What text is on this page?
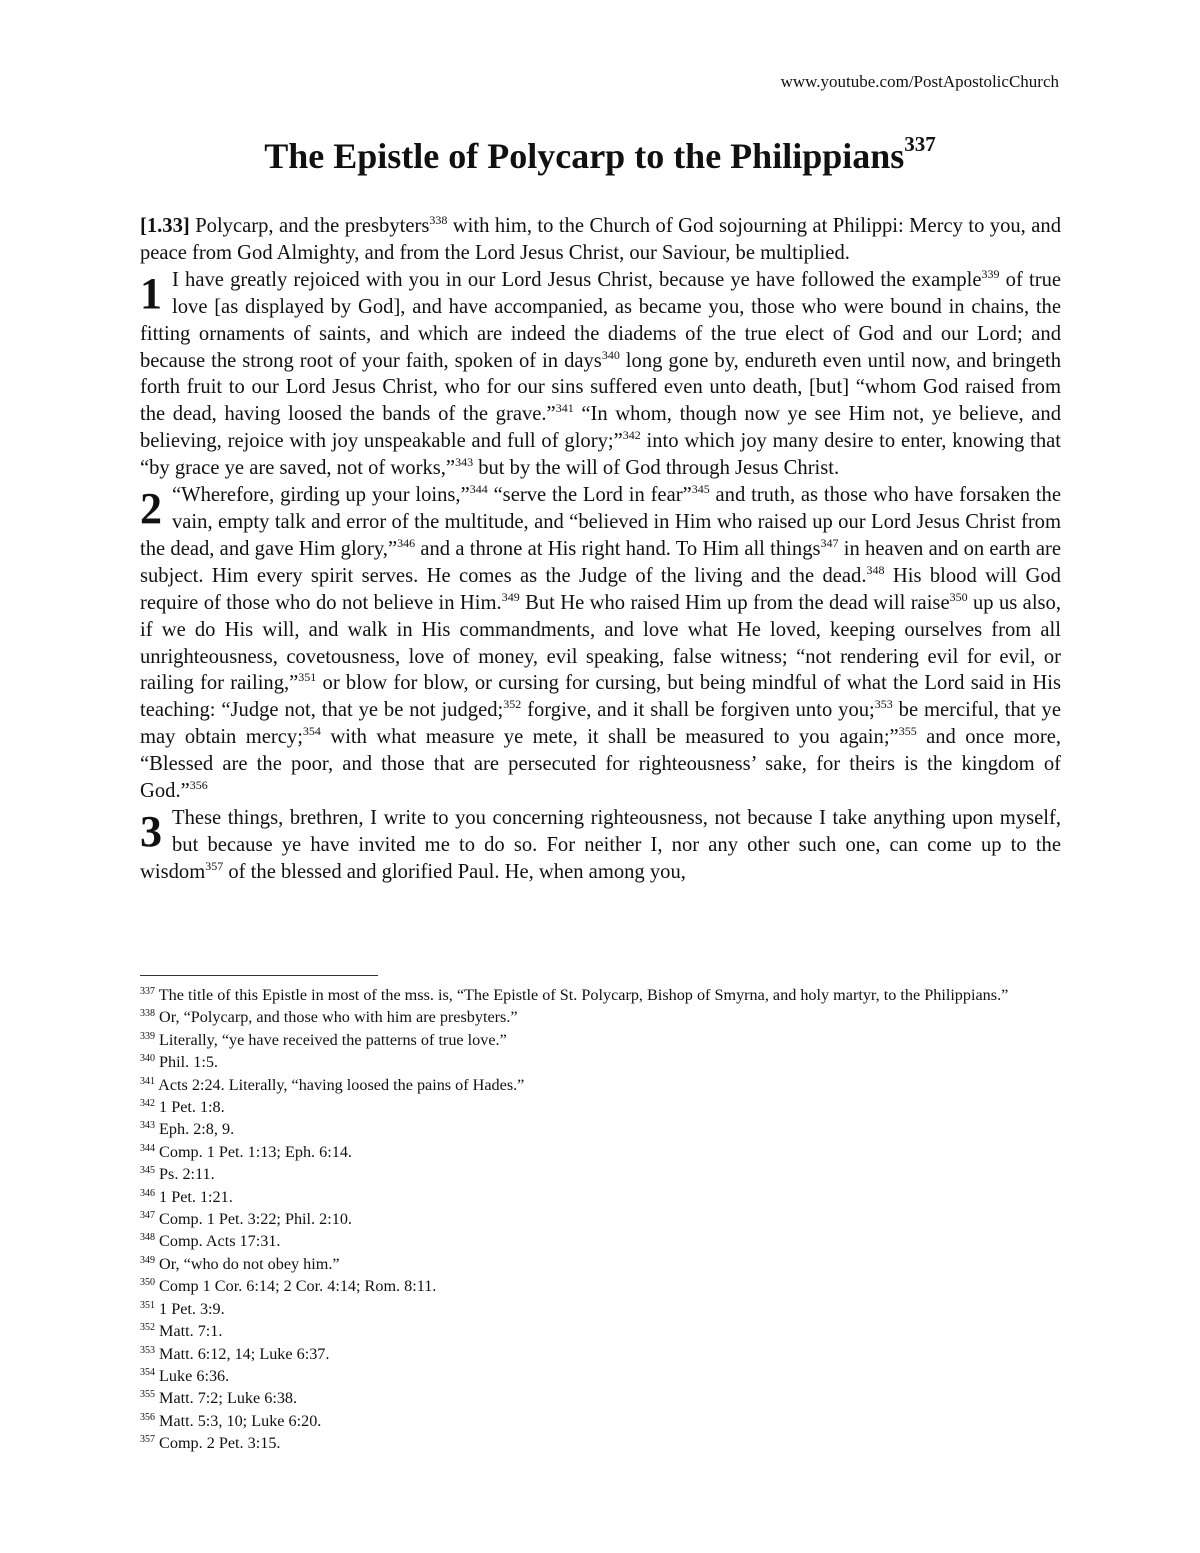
www.youtube.com/PostApostolicChurch
The Epistle of Polycarp to the Philippians$^{337}$

[1.33] Polycarp, and the presbyters$^{338}$ with him, to the Church of God sojourning at Philippi: Mercy to you, and peace from God Almighty, and from the Lord Jesus Christ, our Saviour, be multiplied.

1 I have greatly rejoiced with you in our Lord Jesus Christ, because ye have followed the example$^{339}$ of true love [as displayed by God], and have accompanied, as became you, those who were bound in chains, the fitting ornaments of saints, and which are indeed the diadems of the true elect of God and our Lord; and because the strong root of your faith, spoken of in days$^{340}$ long gone by, endureth even until now, and bringeth forth fruit to our Lord Jesus Christ, who for our sins suffered even unto death, [but] “whom God raised from the dead, having loosed the bands of the grave.”$^{341}$ “In whom, though now ye see Him not, ye believe, and believing, rejoice with joy unspeakable and full of glory;”$^{342}$ into which joy many desire to enter, knowing that “by grace ye are saved, not of works,”$^{343}$ but by the will of God through Jesus Christ.

2 “Wherefore, girding up your loins,”$^{344}$ “serve the Lord in fear”$^{345}$ and truth, as those who have forsaken the vain, empty talk and error of the multitude, and “believed in Him who raised up our Lord Jesus Christ from the dead, and gave Him glory,”$^{346}$ and a throne at His right hand. To Him all things$^{347}$ in heaven and on earth are subject. Him every spirit serves. He comes as the Judge of the living and the dead.$^{348}$ His blood will God require of those who do not believe in Him.$^{349}$ But He who raised Him up from the dead will raise$^{350}$ up us also, if we do His will, and walk in His commandments, and love what He loved, keeping ourselves from all unrighteousness, covetousness, love of money, evil speaking, false witness; “not rendering evil for evil, or railing for railing,”$^{351}$ or blow for blow, or cursing for cursing, but being mindful of what the Lord said in His teaching: “Judge not, that ye be not judged;$^{352}$ forgive, and it shall be forgiven unto you;$^{353}$ be merciful, that ye may obtain mercy;$^{354}$ with what measure ye mete, it shall be measured to you again;”$^{355}$ and once more, “Blessed are the poor, and those that are persecuted for righteousness’ sake, for theirs is the kingdom of God.”$^{356}$

3 These things, brethren, I write to you concerning righteousness, not because I take anything upon myself, but because ye have invited me to do so. For neither I, nor any other such one, can come up to the wisdom$^{357}$ of the blessed and glorified Paul. He, when among you,

$^{337}$ The title of this Epistle in most of the mss. is, “The Epistle of St. Polycarp, Bishop of Smyrna, and holy martyr, to the Philippians.”
$^{338}$ Or, “Polycarp, and those who with him are presbyters.”
$^{339}$ Literally, “ye have received the patterns of true love.”
$^{340}$ Phil. 1:5.
$^{341}$ Acts 2:24. Literally, “having loosed the pains of Hades.”
$^{342}$ 1 Pet. 1:8.
$^{343}$ Eph. 2:8, 9.
$^{344}$ Comp. 1 Pet. 1:13; Eph. 6:14.
$^{345}$ Ps. 2:11.
$^{346}$ 1 Pet. 1:21.
$^{347}$ Comp. 1 Pet. 3:22; Phil. 2:10.
$^{348}$ Comp. Acts 17:31.
$^{349}$ Or, “who do not obey him.”
$^{350}$ Comp 1 Cor. 6:14; 2 Cor. 4:14; Rom. 8:11.
$^{351}$ 1 Pet. 3:9.
$^{352}$ Matt. 7:1.
$^{353}$ Matt. 6:12, 14; Luke 6:37.
$^{354}$ Luke 6:36.
$^{355}$ Matt. 7:2; Luke 6:38.
$^{356}$ Matt. 5:3, 10; Luke 6:20.
$^{357}$ Comp. 2 Pet. 3:15.
